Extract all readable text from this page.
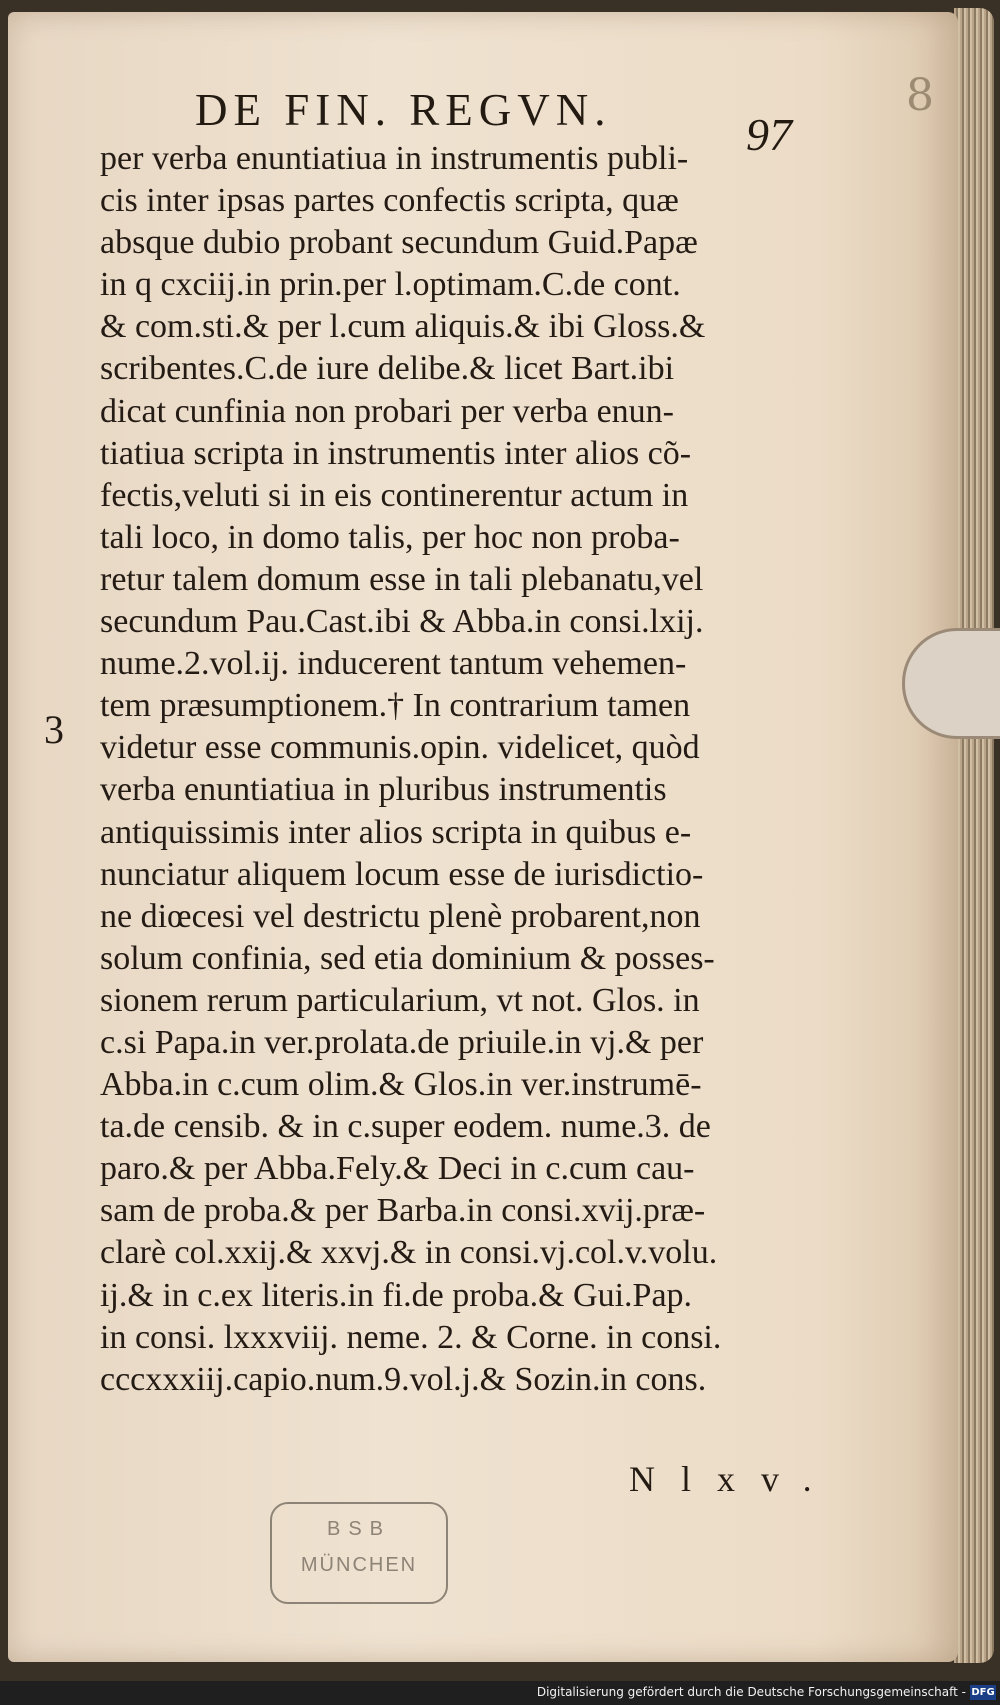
8
DE FIN. REGVN.	97
per verba enuntiatiua in instrumentis publi-
cis inter ipsas partes confectis scripta, quæ
absque dubio probant secundum Guid.Papæ
in q cxciij.in prin.per l.optimam.C.de cont.
& com.sti.& per l.cum aliquis.& ibi Gloss.&
scribentes.C.de iure delibe.& licet Bart.ibi
dicat cunfinia non probari per verba enun-
tiatiua scripta in instrumentis inter alios cõ-
fectis,veluti si in eis continerentur actum in
tali loco, in domo talis, per hoc non proba-
retur talem domum esse in tali plebanatu,vel
secundum Pau.Cast.ibi & Abba.in consi.lxij.
nume.2.vol.ij. inducerent tantum vehemen-
tem præsumptionem.† In contrarium tamen
videtur esse communis.opin. videlicet, quòd
verba enuntiatiua in pluribus instrumentis
antiquissimis inter alios scripta in quibus e-
nunciatur aliquem locum esse de iurisdictio-
ne diœcesi vel destrictu plenè probarent,non
solum confinia, sed etia dominium & posses-
sionem rerum particularium, vt not. Glos. in
c.si Papa.in ver.prolata.de priuile.in vj.& per
Abba.in c.cum olim.& Glos.in ver.instrumē-
ta.de censib. & in c.super eodem. nume.3. de
paro.& per Abba.Fely.& Deci in c.cum cau-
sam de proba.& per Barba.in consi.xvij.præ-
clarè col.xxij.& xxvj.& in consi.vj.col.v.volu.
ij.& in c.ex literis.in fi.de proba.& Gui.Pap.
in consi. lxxxviij. neme. 2. & Corne. in consi.
cccxxxiij.capio.num.9.vol.j.& Sozin.in cons.
3
Nlxv.
BSB
MÜNCHEN
Digitalisierung gefördert durch die Deutsche Forschungsgemeinschaft - DFG
